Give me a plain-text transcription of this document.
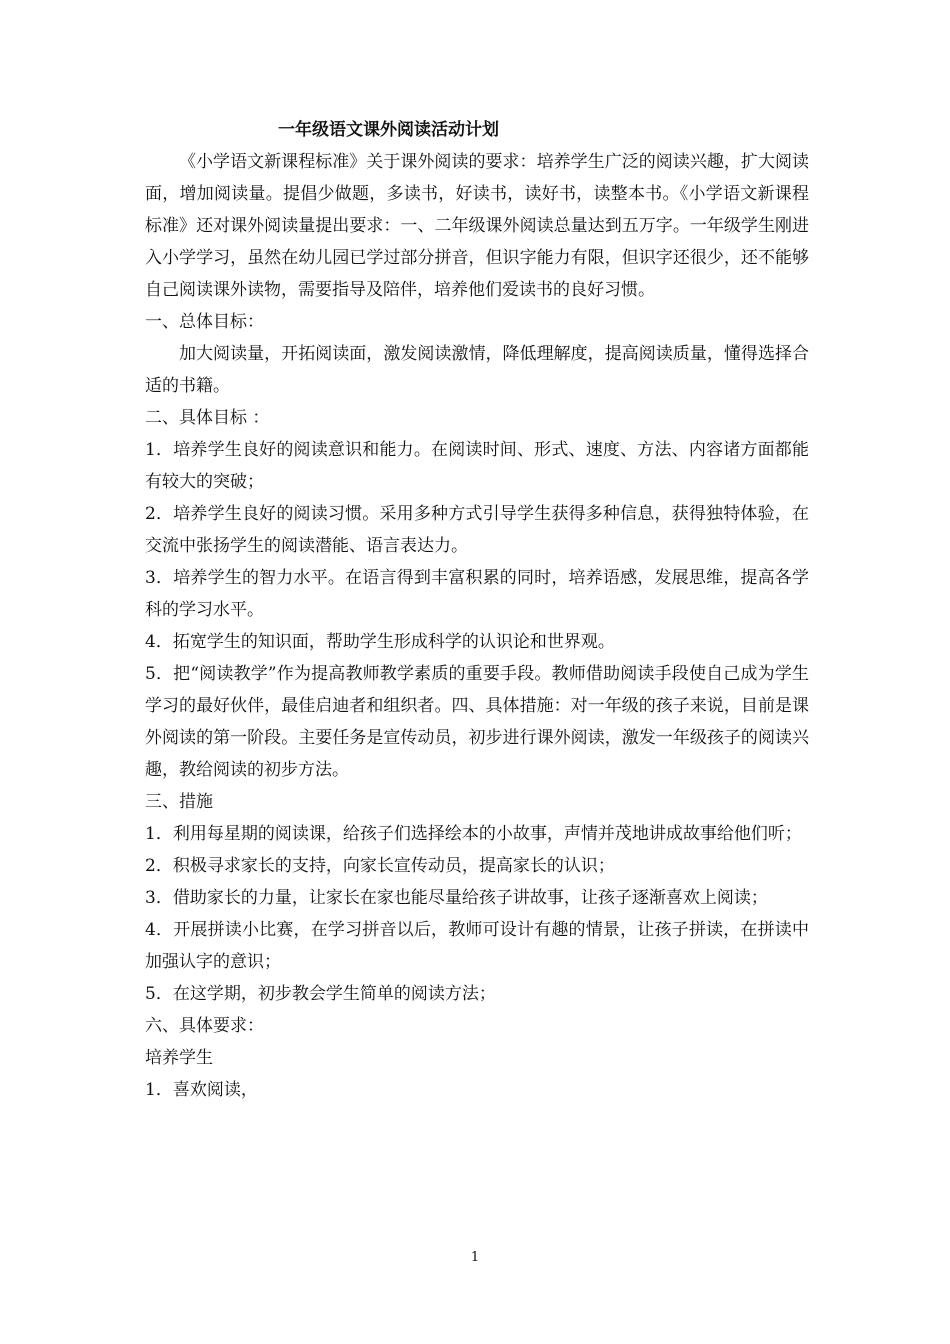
一年级语文课外阅读活动计划

《小学语文新课程标准》关于课外阅读的要求：培养学生广泛的阅读兴趣，扩大阅读面，增加阅读量。提倡少做题，多读书，好读书，读好书，读整本书。《小学语文新课程标准》还对课外阅读量提出要求：一、二年级课外阅读总量达到五万字。一年级学生刚进入小学学习，虽然在幼儿园已学过部分拼音，但识字能力有限，但识字还很少，还不能够自己阅读课外读物，需要指导及陪伴，培养他们爱读书的良好习惯。

一、总体目标：

加大阅读量，开拓阅读面，激发阅读激情，降低理解度，提高阅读质量，懂得选择合适的书籍。

二、具体目标 ：

1．培养学生良好的阅读意识和能力。在阅读时间、形式、速度、方法、内容诸方面都能有较大的突破；

2．培养学生良好的阅读习惯。采用多种方式引导学生获得多种信息，获得独特体验，在交流中张扬学生的阅读潜能、语言表达力。

3．培养学生的智力水平。在语言得到丰富积累的同时，培养语感，发展思维，提高各学科的学习水平。

4．拓宽学生的知识面，帮助学生形成科学的认识论和世界观。

5．把“阅读教学”作为提高教师教学素质的重要手段。教师借助阅读手段使自己成为学生学习的最好伙伴，最佳启迪者和组织者。四、具体措施：对一年级的孩子来说，目前是课外阅读的第一阶段。主要任务是宣传动员，初步进行课外阅读，激发一年级孩子的阅读兴趣，教给阅读的初步方法。

三、措施

1．利用每星期的阅读课，给孩子们选择绘本的小故事，声情并茂地讲成故事给他们听；

2．积极寻求家长的支持，向家长宣传动员，提高家长的认识；

3．借助家长的力量，让家长在家也能尽量给孩子讲故事，让孩子逐渐喜欢上阅读；

4．开展拼读小比赛，在学习拼音以后，教师可设计有趣的情景，让孩子拼读，在拼读中加强认字的意识；

5．在这学期，初步教会学生简单的阅读方法；

六、具体要求：

培养学生

1．喜欢阅读，

1
